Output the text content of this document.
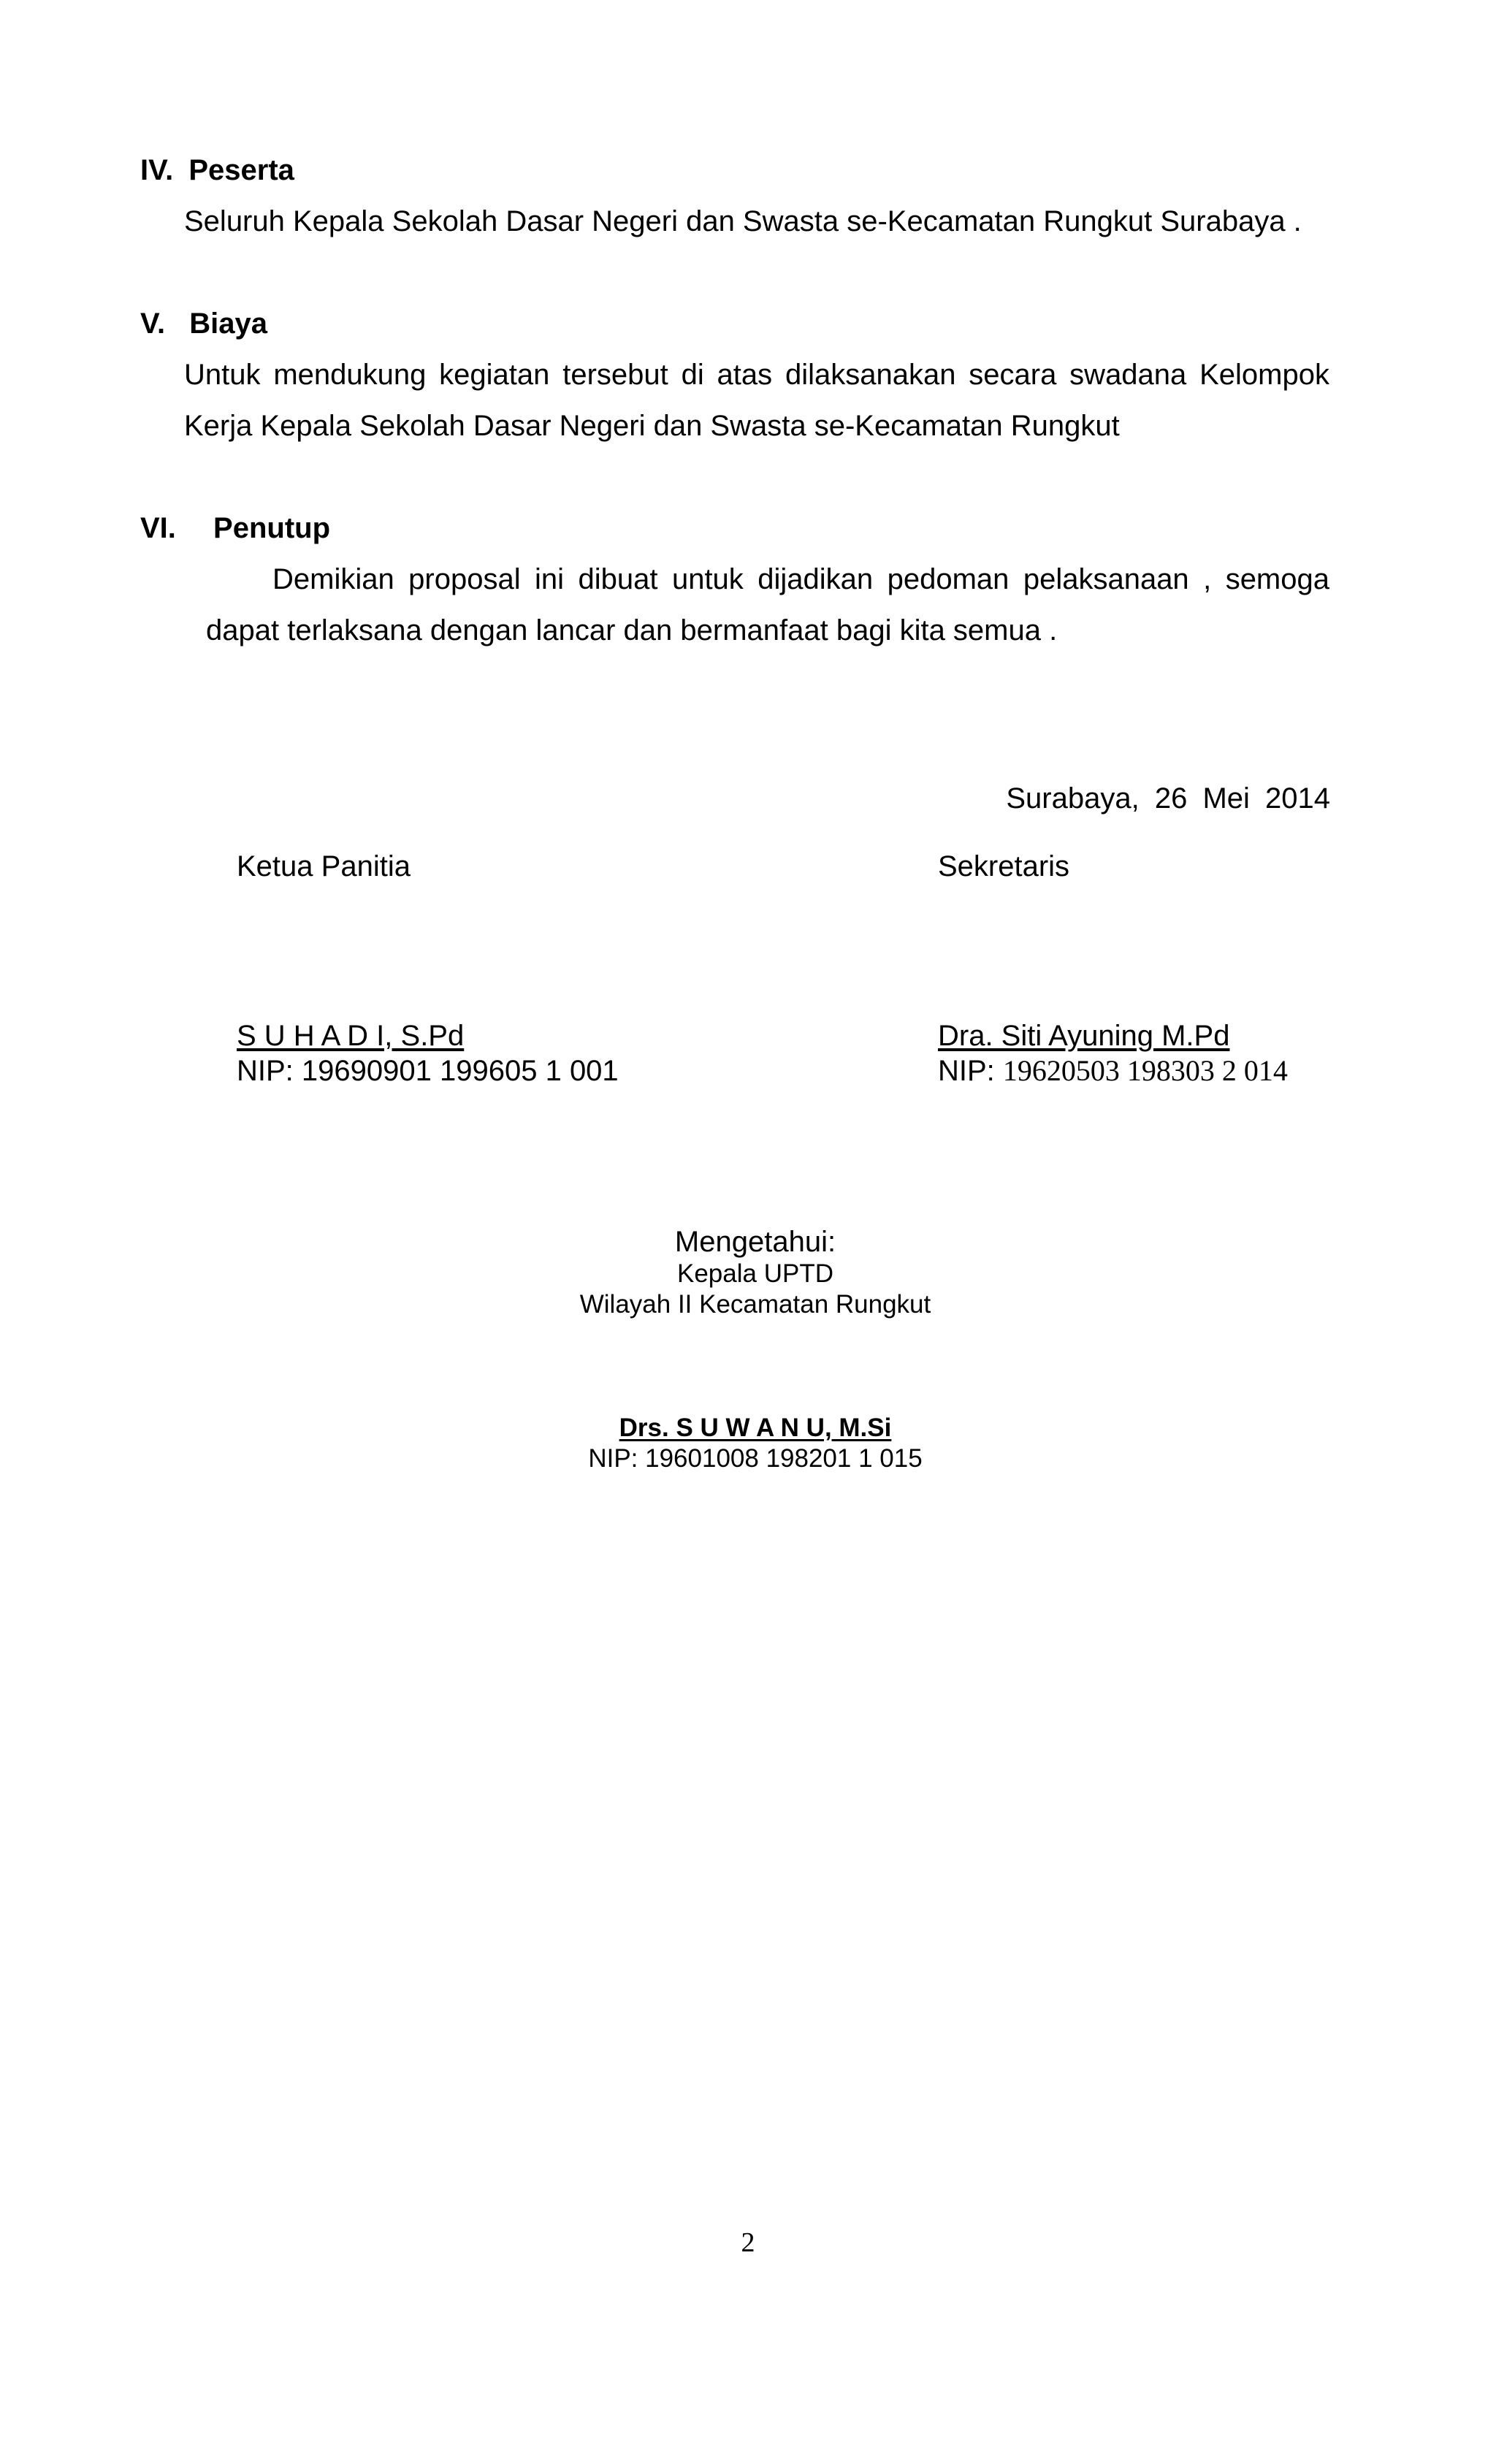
IV. Peserta
Seluruh Kepala Sekolah Dasar Negeri dan Swasta se-Kecamatan Rungkut Surabaya .
V. Biaya
Untuk mendukung kegiatan tersebut di atas dilaksanakan secara swadana Kelompok
Kerja Kepala Sekolah Dasar Negeri dan Swasta se-Kecamatan Rungkut
VI. Penutup
Demikian proposal ini dibuat untuk dijadikan pedoman pelaksanaan , semoga
dapat terlaksana dengan lancar dan bermanfaat bagi kita semua .
Surabaya, 26 Mei 2014
Ketua Panitia
S U H A D I, S.Pd
NIP: 19690901 199605 1 001
Sekretaris
Dra. Siti Ayuning M.Pd
NIP: 19620503 198303 2 014
Mengetahui:
Kepala UPTD
Wilayah II Kecamatan Rungkut
Drs. S U W A N U, M.Si
NIP: 19601008 198201 1 015
2
